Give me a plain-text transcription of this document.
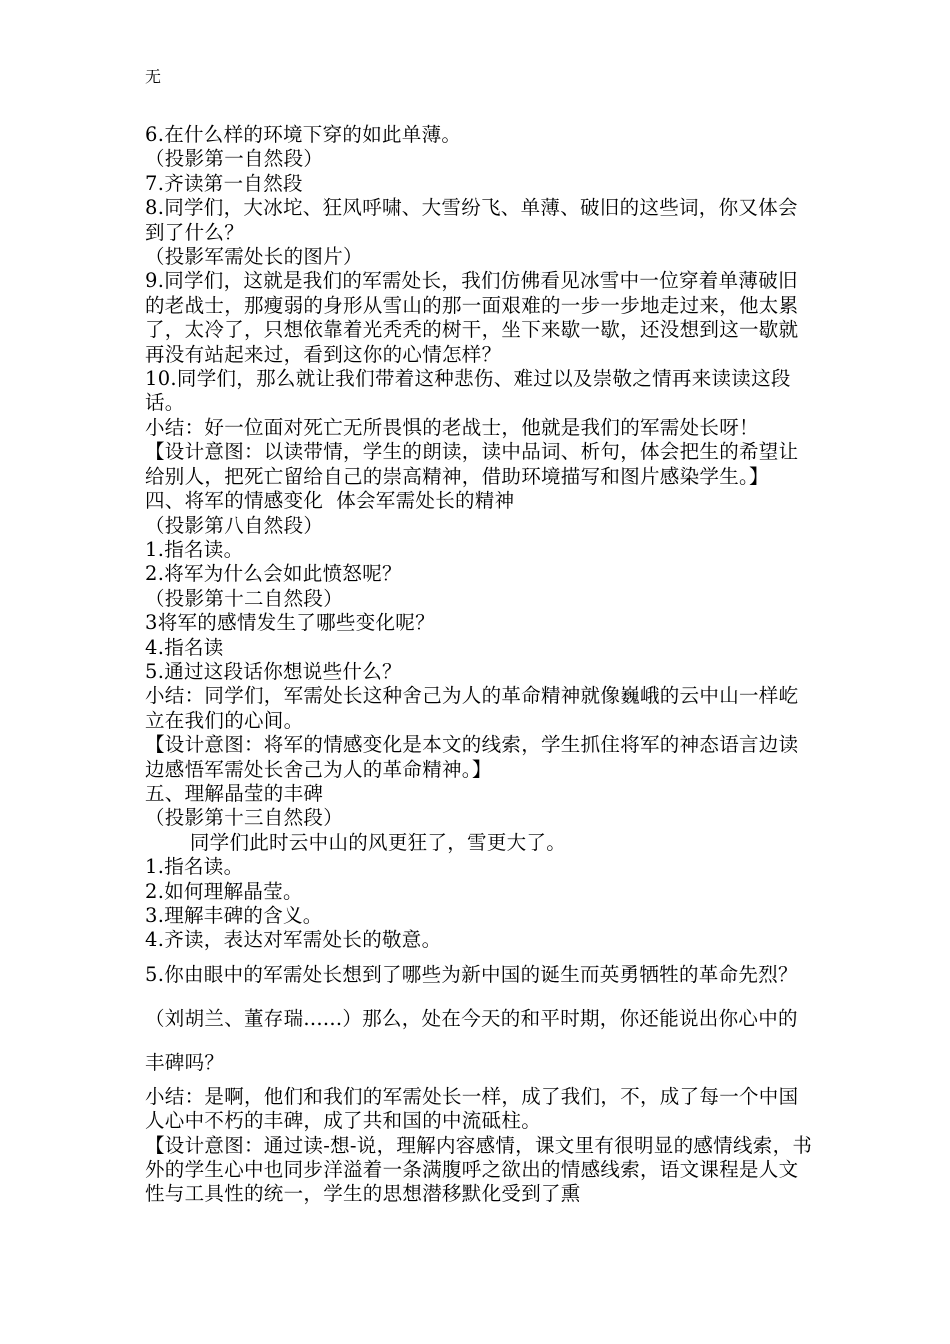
无

6.在什么样的环境下穿的如此单薄。

（投影第一自然段）

7.齐读第一自然段

8.同学们，大冰坨、狂风呼啸、大雪纷飞、单薄、破旧的这些词，你又体会到了什么？

（投影军需处长的图片）

9.同学们，这就是我们的军需处长，我们仿佛看见冰雪中一位穿着单薄破旧的老战士，那瘦弱的身形从雪山的那一面艰难的一步一步地走过来，他太累了，太冷了，只想依靠着光秃秃的树干，坐下来歇一歇，还没想到这一歇就再没有站起来过，看到这你的心情怎样？

10.同学们，那么就让我们带着这种悲伤、难过以及崇敬之情再来读读这段话。

小结：好一位面对死亡无所畏惧的老战士，他就是我们的军需处长呀！

【设计意图：以读带情，学生的朗读，读中品词、析句，体会把生的希望让给别人，把死亡留给自己的崇高精神，借助环境描写和图片感染学生。】

四、将军的情感变化  体会军需处长的精神

（投影第八自然段）

1.指名读。

2.将军为什么会如此愤怒呢？

（投影第十二自然段）

3将军的感情发生了哪些变化呢？

4.指名读

5.通过这段话你想说些什么？

小结：同学们，军需处长这种舍己为人的革命精神就像巍峨的云中山一样屹立在我们的心间。

【设计意图：将军的情感变化是本文的线索，学生抓住将军的神态语言边读边感悟军需处长舍己为人的革命精神。】

五、理解晶莹的丰碑

（投影第十三自然段）

同学们此时云中山的风更狂了，雪更大了。

1.指名读。

2.如何理解晶莹。

3.理解丰碑的含义。

4.齐读，表达对军需处长的敬意。

5.你由眼中的军需处长想到了哪些为新中国的诞生而英勇牺牲的革命先烈？（刘胡兰、董存瑞......）那么，处在今天的和平时期，你还能说出你心中的丰碑吗？

小结：是啊，他们和我们的军需处长一样，成了我们，不，成了每一个中国人心中不朽的丰碑，成了共和国的中流砥柱。

【设计意图：通过读-想-说，理解内容感情，课文里有很明显的感情线索，书外的学生心中也同步洋溢着一条满腹呼之欲出的情感线索，语文课程是人文性与工具性的统一，学生的思想潜移默化受到了熏
